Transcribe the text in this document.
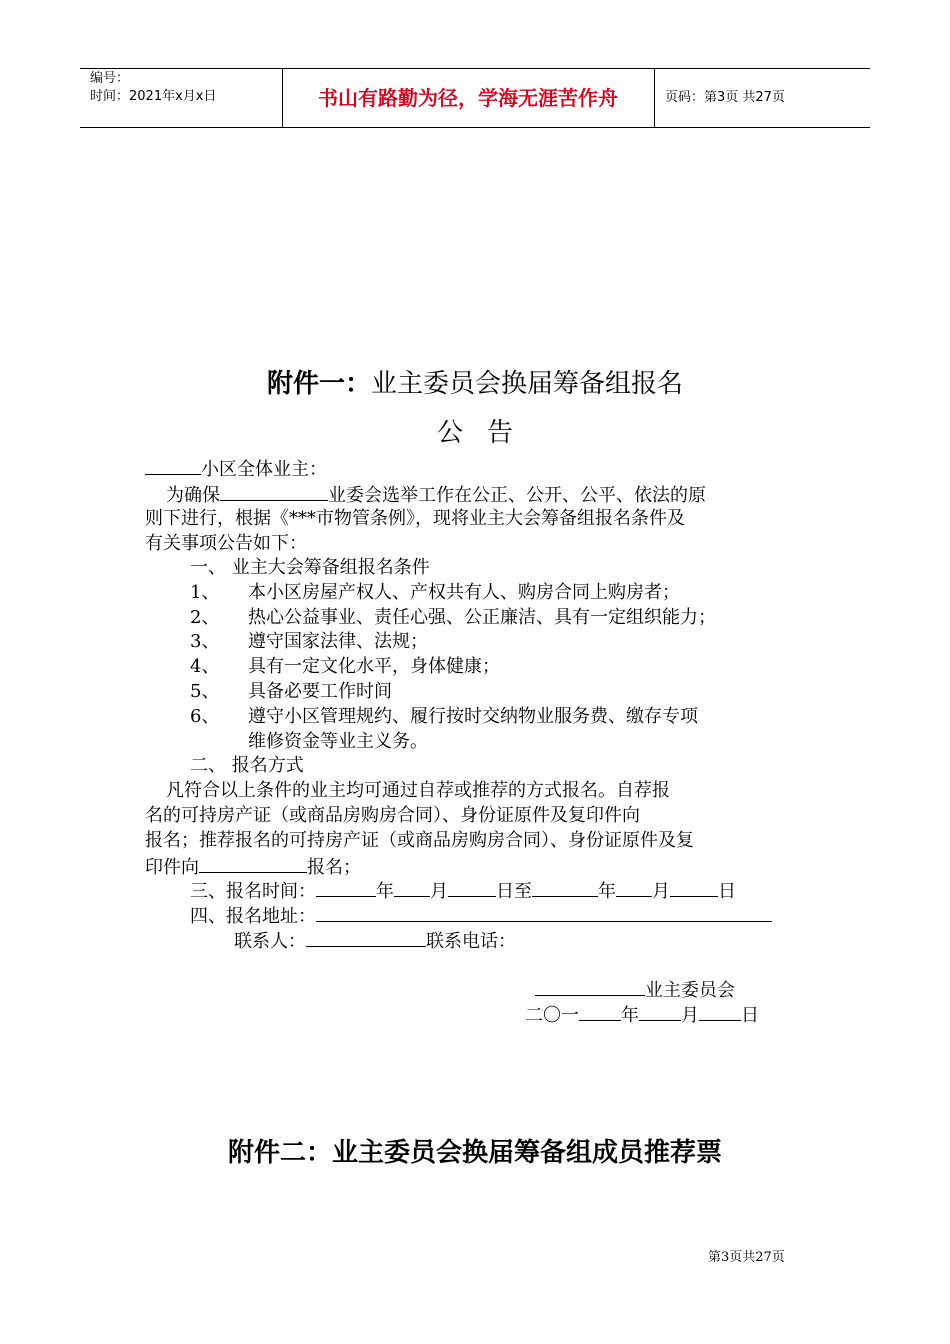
编号：
时间：2021年x月x日	书山有路勤为径，学海无涯苦作舟	页码：第3页 共27页
附件一：业主委员会换届筹备组报名
公告
小区全体业主：
为确保	业委会选举工作在公正、公开、公平、依法的原
则下进行，根据《***市物管条例》，现将业主大会筹备组报名条件及
有关事项公告如下：
一、 业主大会筹备组报名条件
1、 本小区房屋产权人、产权共有人、购房合同上购房者；
2、 热心公益事业、责任心强、公正廉洁、具有一定组织能力；
3、 遵守国家法律、法规；
4、 具有一定文化水平，身体健康；
5、 具备必要工作时间
6、 遵守小区管理规约、履行按时交纳物业服务费、缴存专项
维修资金等业主义务。
二、 报名方式
凡符合以上条件的业主均可通过自荐或推荐的方式报名。自荐报
名的可持房产证（或商品房购房合同）、身份证原件及复印件向
报名；推荐报名的可持房产证（或商品房购房合同）、身份证原件及复
印件向	报名；
三、报名时间：	年 月	日至	年 月	日
四、报名地址：
联系人：	联系电话：
业主委员会
二〇一 年 月 日
附件二：业主委员会换届筹备组成员推荐票
第3页共27页
